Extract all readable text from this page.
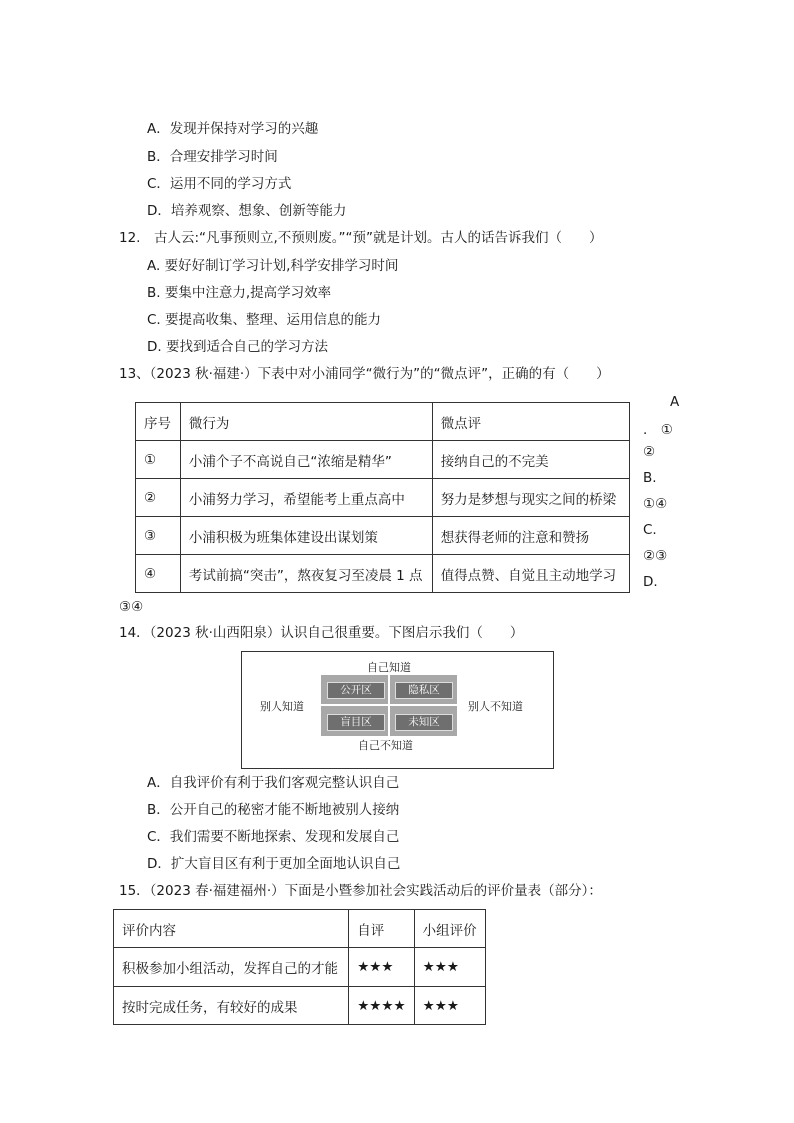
A．发现并保持对学习的兴趣
B．合理安排学习时间
C．运用不同的学习方式
D．培养观察、想象、创新等能力
12.　古人云:“凡事预则立,不预则废。”“预”就是计划。古人的话告诉我们（　　）
A. 要好好制订学习计划,科学安排学习时间
B. 要集中注意力,提高学习效率
C. 要提高收集、整理、运用信息的能力
D. 要找到适合自己的学习方法
13、（2023 秋·福建·）下表中对小浦同学“微行为”的“微点评”，正确的有（　　）
序号	微行为	微点评
①	小浦个子不高说自己“浓缩是精华”	接纳自己的不完美
②	小浦努力学习，希望能考上重点高中	努力是梦想与现实之间的桥梁
③	小浦积极为班集体建设出谋划策	想获得老师的注意和赞扬
④	考试前搞“突击”，熬夜复习至凌晨 1 点	值得点赞、自觉且主动地学习
A
.　①
②
B.
①④
C.
②③
D.
③④
14．（2023 秋·山西阳泉）认识自己很重要。下图启示我们（　　）
自己知道
别人知道	别人不知道
自己不知道
公开区	隐私区
盲目区	未知区
A．自我评价有利于我们客观完整认识自己
B．公开自己的秘密才能不断地被别人接纳
C．我们需要不断地探索、发现和发展自己
D．扩大盲目区有利于更加全面地认识自己
15．（2023 春·福建福州·）下面是小暨参加社会实践活动后的评价量表（部分）：
评价内容	自评	小组评价
积极参加小组活动，发挥自己的才能	★★★	★★★
按时完成任务，有较好的成果	★★★★	★★★
